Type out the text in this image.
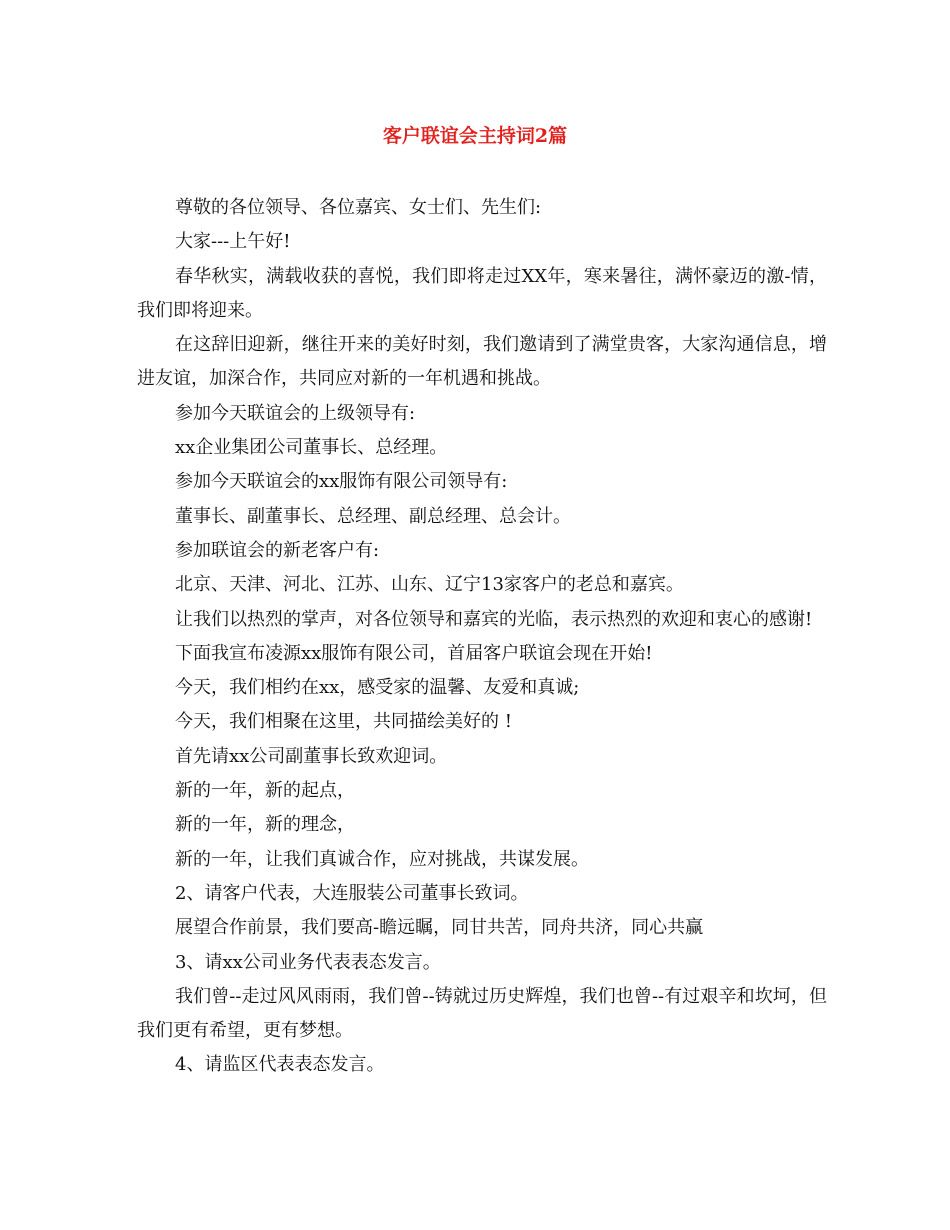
客户联谊会主持词2篇

尊敬的各位领导、各位嘉宾、女士们、先生们:

大家---上午好!

春华秋实，满载收获的喜悦，我们即将走过XX年，寒来暑往，满怀豪迈的激-情，我们即将迎来。

在这辞旧迎新，继往开来的美好时刻，我们邀请到了满堂贵客，大家沟通信息，增进友谊，加深合作，共同应对新的一年机遇和挑战。

参加今天联谊会的上级领导有:

xx企业集团公司董事长、总经理。

参加今天联谊会的xx服饰有限公司领导有:

董事长、副董事长、总经理、副总经理、总会计。

参加联谊会的新老客户有:

北京、天津、河北、江苏、山东、辽宁13家客户的老总和嘉宾。

让我们以热烈的掌声，对各位领导和嘉宾的光临，表示热烈的欢迎和衷心的感谢!

下面我宣布凌源xx服饰有限公司，首届客户联谊会现在开始!

今天，我们相约在xx，感受家的温馨、友爱和真诚;

今天，我们相聚在这里，共同描绘美好的 !

首先请xx公司副董事长致欢迎词。

新的一年，新的起点，

新的一年，新的理念，

新的一年，让我们真诚合作，应对挑战，共谋发展。

2、请客户代表，大连服装公司董事长致词。

展望合作前景，我们要高-瞻远瞩，同甘共苦，同舟共济，同心共赢

3、请xx公司业务代表表态发言。

我们曾--走过风风雨雨，我们曾--铸就过历史辉煌，我们也曾--有过艰辛和坎坷，但我们更有希望，更有梦想。

4、请监区代表表态发言。
